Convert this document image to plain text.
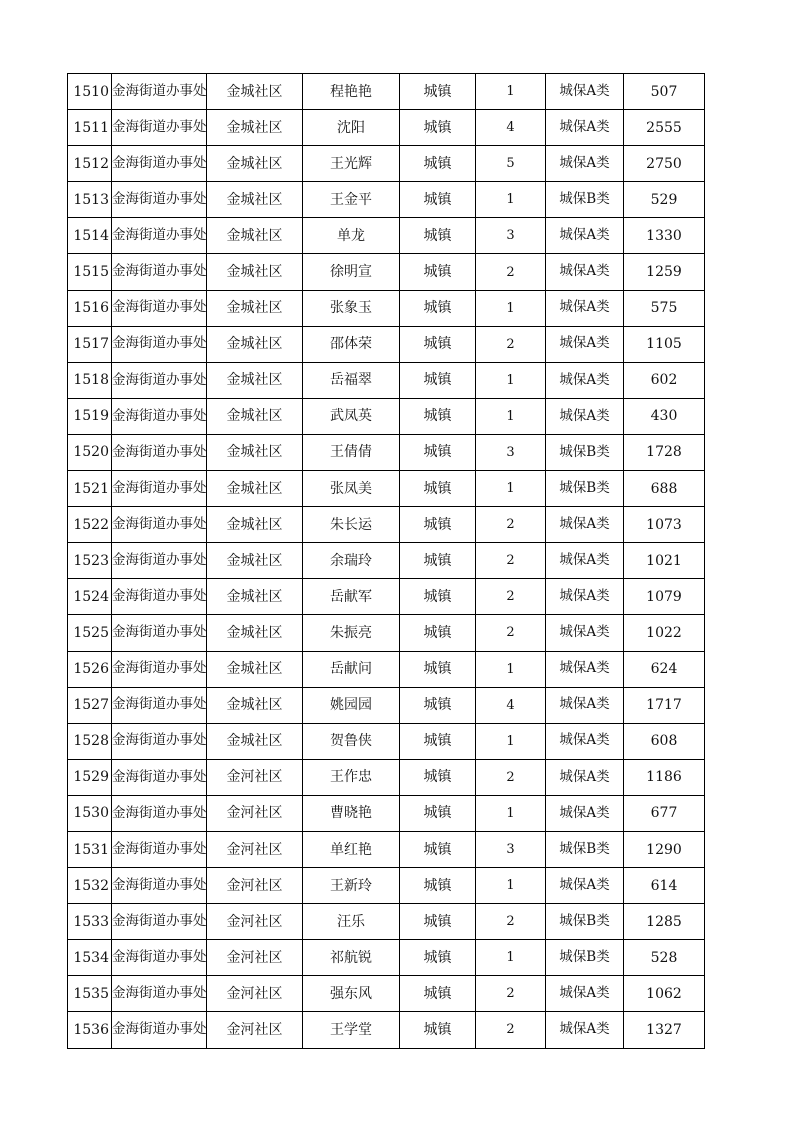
1510 金海街道办事处	金城社区	程艳艳	城镇	1	城保A类	507
1511 金海街道办事处	金城社区	沈阳	城镇	4	城保A类	2555
1512 金海街道办事处	金城社区	王光辉	城镇	5	城保A类	2750
1513 金海街道办事处	金城社区	王金平	城镇	1	城保B类	529
1514 金海街道办事处	金城社区	单龙	城镇	3	城保A类	1330
1515 金海街道办事处	金城社区	徐明宣	城镇	2	城保A类	1259
1516 金海街道办事处	金城社区	张象玉	城镇	1	城保A类	575
1517 金海街道办事处	金城社区	邵体荣	城镇	2	城保A类	1105
1518 金海街道办事处	金城社区	岳福翠	城镇	1	城保A类	602
1519 金海街道办事处	金城社区	武凤英	城镇	1	城保A类	430
1520 金海街道办事处	金城社区	王倩倩	城镇	3	城保B类	1728
1521 金海街道办事处	金城社区	张凤美	城镇	1	城保B类	688
1522 金海街道办事处	金城社区	朱长运	城镇	2	城保A类	1073
1523 金海街道办事处	金城社区	余瑞玲	城镇	2	城保A类	1021
1524 金海街道办事处	金城社区	岳献军	城镇	2	城保A类	1079
1525 金海街道办事处	金城社区	朱振亮	城镇	2	城保A类	1022
1526 金海街道办事处	金城社区	岳献问	城镇	1	城保A类	624
1527 金海街道办事处	金城社区	姚园园	城镇	4	城保A类	1717
1528 金海街道办事处	金城社区	贺鲁侠	城镇	1	城保A类	608
1529 金海街道办事处	金河社区	王作忠	城镇	2	城保A类	1186
1530 金海街道办事处	金河社区	曹晓艳	城镇	1	城保A类	677
1531 金海街道办事处	金河社区	单红艳	城镇	3	城保B类	1290
1532 金海街道办事处	金河社区	王新玲	城镇	1	城保A类	614
1533 金海街道办事处	金河社区	汪乐	城镇	2	城保B类	1285
1534 金海街道办事处	金河社区	祁航锐	城镇	1	城保B类	528
1535 金海街道办事处	金河社区	强东风	城镇	2	城保A类	1062
1536 金海街道办事处	金河社区	王学堂	城镇	2	城保A类	1327
